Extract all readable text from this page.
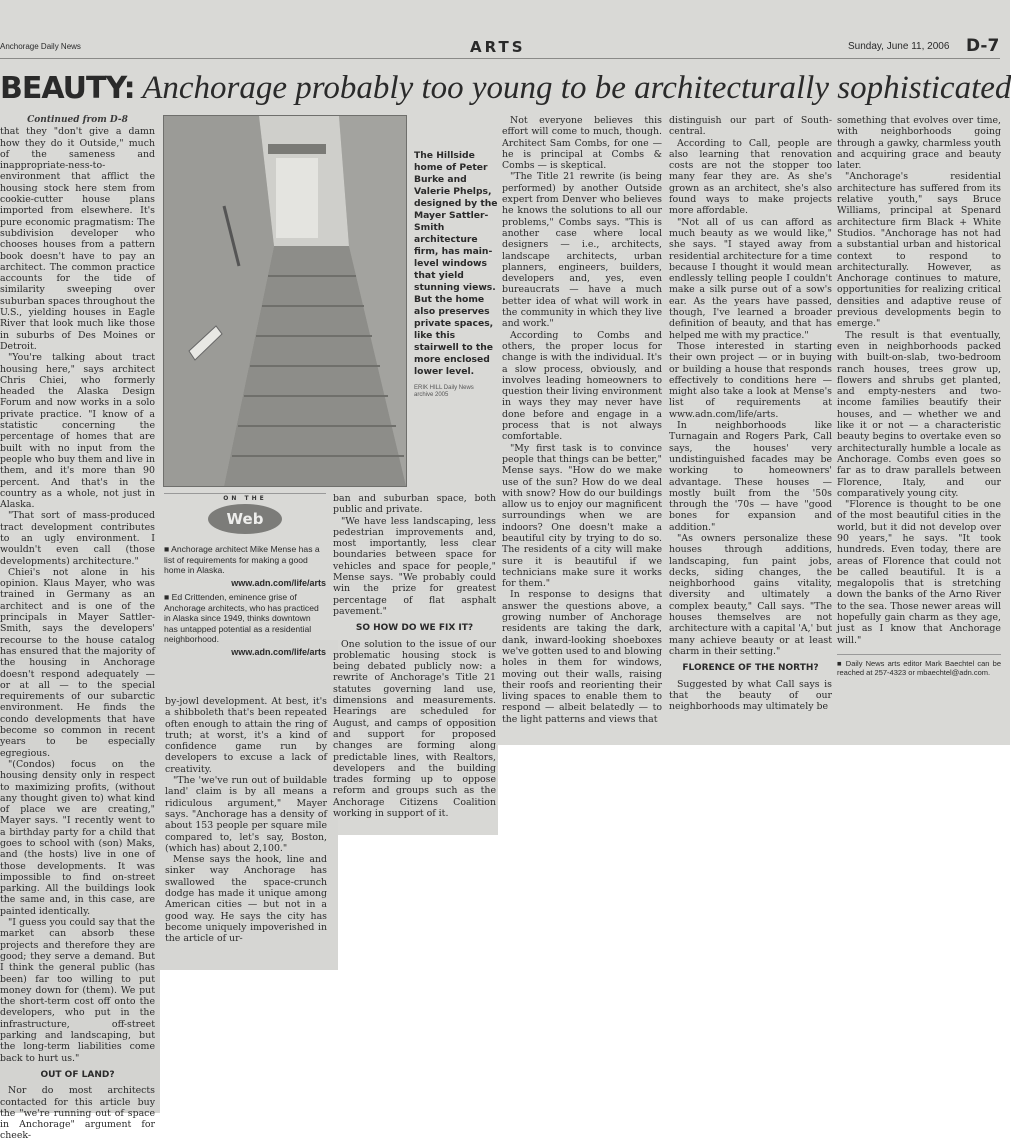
Anchorage Daily News	ARTS	Sunday, June 11, 2006 D-7
BEAUTY: Anchorage probably too young to be architecturally sophisticated
The Hillside home of Peter Burke and Valerie Phelps, designed by the Mayer Sattler-Smith architecture firm, has main-level windows that yield stunning views. But the home also preserves private spaces, like this stairwell to the more enclosed lower level.
ERIK HILL Daily News archive 2005
ON THE
Web
■ Anchorage architect Mike Mense has a list of requirements for making a good home in Alaska.
www.adn.com/life/arts
■ Ed Crittenden, eminence grise of Anchorage architects, who has practiced in Alaska since 1949, thinks downtown has untapped potential as a residential neighborhood.
www.adn.com/life/arts
Continued from D-8

that they "don't give a damn how they do it Outside," much of the sameness and inappropriate-ness-to-environment that afflict the housing stock here stem from cookie-cutter house plans imported from elsewhere. It's pure economic pragmatism: The subdivision developer who chooses houses from a pattern book doesn't have to pay an architect. The common practice accounts for the tide of similarity sweeping over suburban spaces throughout the U.S., yielding houses in Eagle River that look much like those in suburbs of Des Moines or Detroit.

"You're talking about tract housing here," says architect Chris Chiei, who formerly headed the Alaska Design Forum and now works in a solo private practice. "I know of a statistic concerning the percentage of homes that are built with no input from the people who buy them and live in them, and it's more than 90 percent. And that's in the country as a whole, not just in Alaska.

"That sort of mass-produced tract development contributes to an ugly environment. I wouldn't even call (those developments) architecture."

Chiei's not alone in his opinion. Klaus Mayer, who was trained in Germany as an architect and is one of the principals in Mayer Sattler-Smith, says the developers' recourse to the house catalog has ensured that the majority of the housing in Anchorage doesn't respond adequately — or at all — to the special requirements of our subarctic environment. He finds the condo developments that have become so common in recent years to be especially egregious.

"(Condos) focus on the housing density only in respect to maximizing profits, (without any thought given to) what kind of place we are creating," Mayer says. "I recently went to a birthday party for a child that goes to school with (son) Maks, and (the hosts) live in one of those developments. It was impossible to find on-street parking. All the buildings look the same and, in this case, are painted identically.

"I guess you could say that the market can absorb these projects and therefore they are good; they serve a demand. But I think the general public (has been) far too willing to put money down for (them). We put the short-term cost off onto the developers, who put in the infrastructure, off-street parking and landscaping, but the long-term liabilities come back to hurt us."

OUT OF LAND?

Nor do most architects contacted for this article buy the "we're running out of space in Anchorage" argument for cheek-

by-jowl development. At best, it's a shibboleth that's been repeated often enough to attain the ring of truth; at worst, it's a kind of confidence game run by developers to excuse a lack of creativity.

"The 'we've run out of buildable land' claim is by all means a ridiculous argument," Mayer says. "Anchorage has a density of about 153 people per square mile compared to, let's say, Boston, (which has) about 2,100."

Mense says the hook, line and sinker way Anchorage has swallowed the space-crunch dodge has made it unique among American cities — but not in a good way. He says the city has become uniquely impoverished in the article of ur-

ban and suburban space, both public and private.

"We have less landscaping, less pedestrian improvements and, most importantly, less clear boundaries between space for vehicles and space for people," Mense says. "We probably could win the prize for greatest percentage of flat asphalt pavement."

SO HOW DO WE FIX IT?

One solution to the issue of our problematic housing stock is being debated publicly now: a rewrite of Anchorage's Title 21 statutes governing land use, dimensions and measurements. Hearings are scheduled for August, and camps of opposition and support for proposed changes are forming along predictable lines, with Realtors, developers and the building trades forming up to oppose reform and groups such as the Anchorage Citizens Coalition working in support of it.

Not everyone believes this effort will come to much, though. Architect Sam Combs, for one — he is principal at Combs & Combs — is skeptical.

"The Title 21 rewrite (is being performed) by another Outside expert from Denver who believes he knows the solutions to all our problems," Combs says. "This is another case where local designers — i.e., architects, landscape architects, urban planners, engineers, builders, developers and, yes, even bureaucrats — have a much better idea of what will work in the community in which they live and work."

According to Combs and others, the proper locus for change is with the individual. It's a slow process, obviously, and involves leading homeowners to question their living environment in ways they may never have done before and engage in a process that is not always comfortable.

"My first task is to convince people that things can be better," Mense says. "How do we make use of the sun? How do we deal with snow? How do our buildings allow us to enjoy our magnificent surroundings when we are indoors? One doesn't make a beautiful city by trying to do so. The residents of a city will make sure it is beautiful if we technicians make sure it works for them."

In response to designs that answer the questions above, a growing number of Anchorage residents are taking the dark, dank, inward-looking shoeboxes we've gotten used to and blowing holes in them for windows, moving out their walls, raising their roofs and reorienting their living spaces to enable them to respond — albeit belatedly — to the light patterns and views that

distinguish our part of South-central.

According to Call, people are also learning that renovation costs are not the stopper too many fear they are. As she's grown as an architect, she's also found ways to make projects more affordable.

"Not all of us can afford as much beauty as we would like," she says. "I stayed away from residential architecture for a time because I thought it would mean endlessly telling people I couldn't make a silk purse out of a sow's ear. As the years have passed, though, I've learned a broader definition of beauty, and that has helped me with my practice."

Those interested in starting their own project — or in buying or building a house that responds effectively to conditions here — might also take a look at Mense's list of requirements at www.adn.com/life/arts.

In neighborhoods like Turnagain and Rogers Park, Call says, the houses' very undistinguished facades may be working to homeowners' advantage. These houses — mostly built from the '50s through the '70s — have "good bones for expansion and addition."

"As owners personalize these houses through additions, landscaping, fun paint jobs, decks, siding changes, the neighborhood gains vitality, diversity and ultimately a complex beauty," Call says. "The houses themselves are not architecture with a capital 'A,' but many achieve beauty or at least charm in their setting."

FLORENCE OF THE NORTH?

Suggested by what Call says is that the beauty of our neighborhoods may ultimately be

something that evolves over time, with neighborhoods going through a gawky, charmless youth and acquiring grace and beauty later.

"Anchorage's residential architecture has suffered from its relative youth," says Bruce Williams, principal at Spenard architecture firm Black + White Studios. "Anchorage has not had a substantial urban and historical context to respond to architecturally. However, as Anchorage continues to mature, opportunities for realizing critical densities and adaptive reuse of previous developments begin to emerge."

The result is that eventually, even in neighborhoods packed with built-on-slab, two-bedroom ranch houses, trees grow up, flowers and shrubs get planted, and empty-nesters and two-income families beautify their houses, and — whether we and like it or not — a characteristic beauty begins to overtake even so architecturally humble a locale as Anchorage. Combs even goes so far as to draw parallels between Florence, Italy, and our comparatively young city.

"Florence is thought to be one of the most beautiful cities in the world, but it did not develop over 90 years," he says. "It took hundreds. Even today, there are areas of Florence that could not be called beautiful. It is a megalopolis that is stretching down the banks of the Arno River to the sea. Those newer areas will hopefully gain charm as they age, just as I know that Anchorage will."

■ Daily News arts editor Mark Baechtel can be reached at 257-4323 or mbaechtel@adn.com.
